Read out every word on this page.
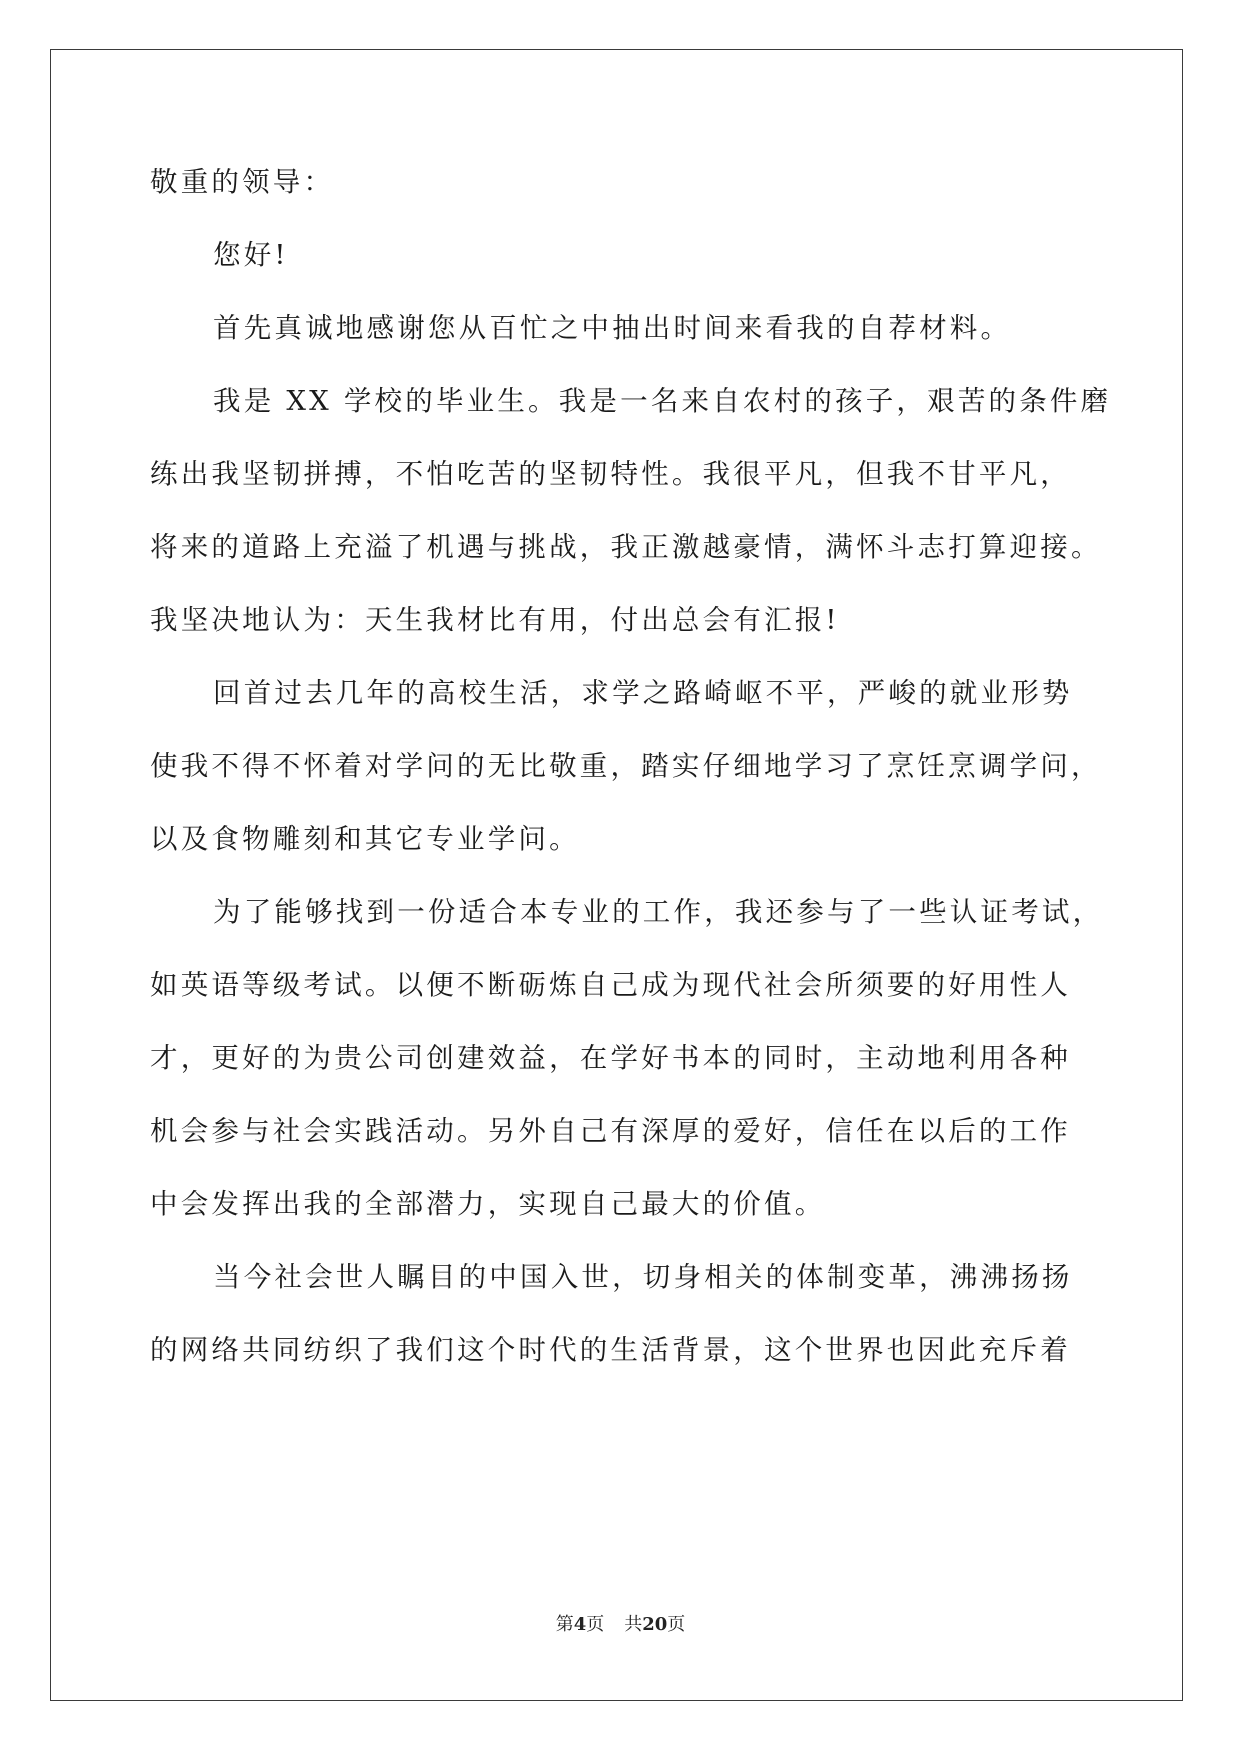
敬重的领导：
您好!
首先真诚地感谢您从百忙之中抽出时间来看我的自荐材料。
我是 XX 学校的毕业生。我是一名来自农村的孩子，艰苦的条件磨
练出我坚韧拼搏，不怕吃苦的坚韧特性。我很平凡，但我不甘平凡，
将来的道路上充溢了机遇与挑战，我正激越豪情，满怀斗志打算迎接。
我坚决地认为：天生我材比有用，付出总会有汇报!
回首过去几年的高校生活，求学之路崎岖不平，严峻的就业形势
使我不得不怀着对学问的无比敬重，踏实仔细地学习了烹饪烹调学问，
以及食物雕刻和其它专业学问。
为了能够找到一份适合本专业的工作，我还参与了一些认证考试，
如英语等级考试。以便不断砺炼自己成为现代社会所须要的好用性人
才，更好的为贵公司创建效益，在学好书本的同时，主动地利用各种
机会参与社会实践活动。另外自己有深厚的爱好，信任在以后的工作
中会发挥出我的全部潜力，实现自己最大的价值。
当今社会世人瞩目的中国入世，切身相关的体制变革，沸沸扬扬
的网络共同纺织了我们这个时代的生活背景，这个世界也因此充斥着
第4页 共20页
